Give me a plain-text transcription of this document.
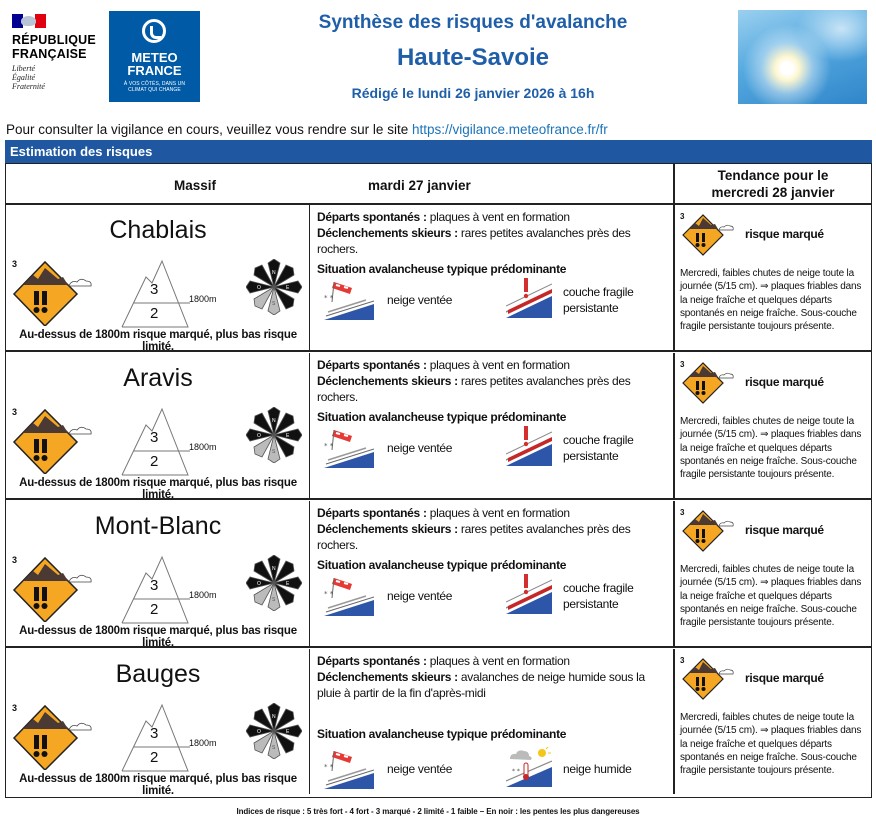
RÉPUBLIQUE
FRANÇAISE
Liberté
Égalité
Fraternité
METEO
FRANCE
À VOS CÔTÉS, DANS UN CLIMAT QUI CHANGE
Synthèse des risques d'avalanche
Haute-Savoie
Rédigé le lundi 26 janvier 2026 à 16h
Pour consulter la vigilance en cours, veuillez vous rendre sur le site https://vigilance.meteofrance.fr/fr
Estimation des risques
Massif	mardi 27 janvier
Tendance pour le mercredi 28 janvier
Chablais
3
3
2
1800m
N
E
S
O
Au-dessus de 1800m risque marqué, plus bas risque limité.
Départs spontanés : plaques à vent en formation
Déclenchements skieurs : rares petites avalanches près des rochers.
Situation avalancheuse typique prédominante
* *	neige ventée
couche fragile persistante
3
risque marqué
Mercredi, faibles chutes de neige toute la journée (5/15 cm). ⇒ plaques friables dans la neige fraîche et quelques départs spontanés en neige fraîche. Sous-couche fragile persistante toujours présente.
Aravis
3
3
2
1800m
N
E
S
O
Au-dessus de 1800m risque marqué, plus bas risque limité.
Départs spontanés : plaques à vent en formation
Déclenchements skieurs : rares petites avalanches près des rochers.
Situation avalancheuse typique prédominante
* *	neige ventée
couche fragile persistante
3
risque marqué
Mercredi, faibles chutes de neige toute la journée (5/15 cm). ⇒ plaques friables dans la neige fraîche et quelques départs spontanés en neige fraîche. Sous-couche fragile persistante toujours présente.
Mont-Blanc
3
3
2
1800m
N
E
S
O
Au-dessus de 1800m risque marqué, plus bas risque limité.
Départs spontanés : plaques à vent en formation
Déclenchements skieurs : rares petites avalanches près des rochers.
Situation avalancheuse typique prédominante
* *	neige ventée
couche fragile persistante
3
risque marqué
Mercredi, faibles chutes de neige toute la journée (5/15 cm). ⇒ plaques friables dans la neige fraîche et quelques départs spontanés en neige fraîche. Sous-couche fragile persistante toujours présente.
Bauges
3
3
2
1800m
N
E
S
O
Au-dessus de 1800m risque marqué, plus bas risque limité.
Départs spontanés : plaques à vent en formation
Déclenchements skieurs : avalanches de neige humide sous la pluie à partir de la fin d'après-midi
Situation avalancheuse typique prédominante
* *	neige ventée	* *	neige humide
3
risque marqué
Mercredi, faibles chutes de neige toute la journée (5/15 cm). ⇒ plaques friables dans la neige fraîche et quelques départs spontanés en neige fraîche. Sous-couche fragile persistante toujours présente.
Indices de risque : 5 très fort - 4 fort - 3 marqué - 2 limité - 1 faible – En noir : les pentes les plus dangereuses
